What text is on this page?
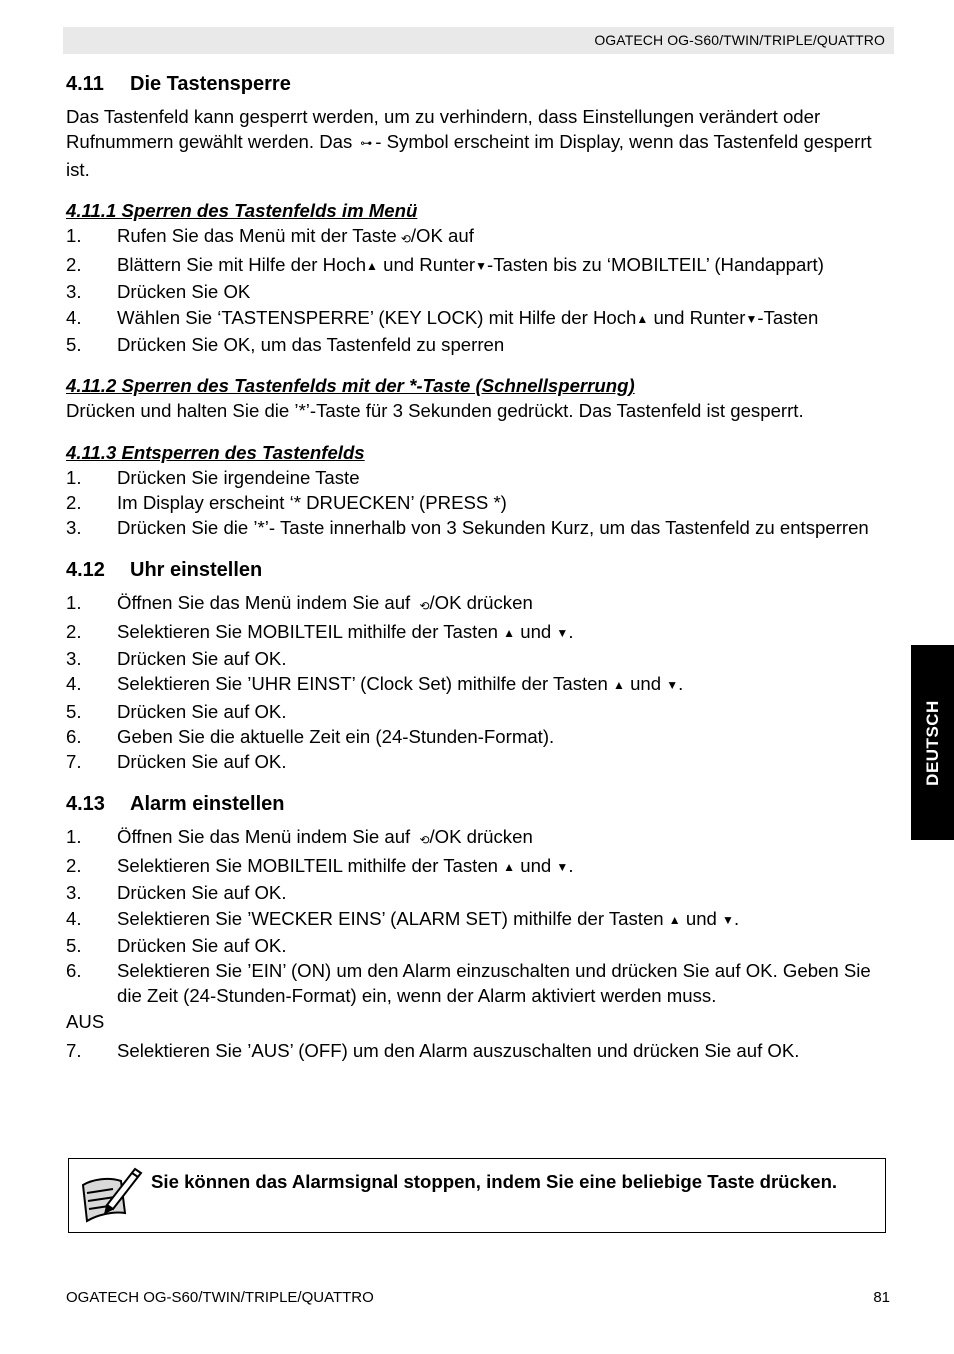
OGATECH OG-S60/TWIN/TRIPLE/QUATTRO
4.11 Die Tastensperre

Das Tastenfeld kann gesperrt werden, um zu verhindern, dass Einstellungen verändert oder Rufnummern gewählt werden. Das ⊶ - Symbol erscheint im Display, wenn das Tastenfeld gesperrt ist.

4.11.1 Sperren des Tastenfelds im Menü

1. Rufen Sie das Menü mit der Taste ⟲/OK auf
2. Blättern Sie mit Hilfe der Hoch▲ und Runter▼-Tasten bis zu ‘MOBILTEIL’ (Handappart)
3. Drücken Sie OK
4. Wählen Sie ‘TASTENSPERRE’ (KEY LOCK) mit Hilfe der Hoch▲ und Runter▼-Tasten
5. Drücken Sie OK, um das Tastenfeld zu sperren

4.11.2 Sperren des Tastenfelds mit der *-Taste (Schnellsperrung)

Drücken und halten Sie die ’*’-Taste für 3 Sekunden gedrückt. Das Tastenfeld ist gesperrt.

4.11.3 Entsperren des Tastenfelds

1. Drücken Sie irgendeine Taste
2. Im Display erscheint ‘* DRUECKEN’ (PRESS *)
3. Drücken Sie die ’*’- Taste innerhalb von 3 Sekunden Kurz, um das Tastenfeld zu entsperren
4.12 Uhr einstellen
1. Öffnen Sie das Menü indem Sie auf ⟲/OK drücken
2. Selektieren Sie MOBILTEIL mithilfe der Tasten ▲ und ▼.
3. Drücken Sie auf OK.
4. Selektieren Sie ’UHR EINST’ (Clock Set) mithilfe der Tasten ▲ und ▼.
5. Drücken Sie auf OK.
6. Geben Sie die aktuelle Zeit ein (24-Stunden-Format).
7. Drücken Sie auf OK.
4.13 Alarm einstellen
1. Öffnen Sie das Menü indem Sie auf ⟲/OK drücken
2. Selektieren Sie MOBILTEIL mithilfe der Tasten ▲ und ▼.
3. Drücken Sie auf OK.
4. Selektieren Sie ’WECKER EINS’ (ALARM SET) mithilfe der Tasten ▲ und ▼.
5. Drücken Sie auf OK.
6. Selektieren Sie ’EIN’ (ON) um den Alarm einzuschalten und drücken Sie auf OK. Geben Sie die Zeit (24-Stunden-Format) ein, wenn der Alarm aktiviert werden muss.

AUS

7. Selektieren Sie ’AUS’ (OFF) um den Alarm auszuschalten und drücken Sie auf OK.
DEUTSCH
Sie können das Alarmsignal stoppen, indem Sie eine beliebige Taste drücken.
OGATECH OG-S60/TWIN/TRIPLE/QUATTRO	81
